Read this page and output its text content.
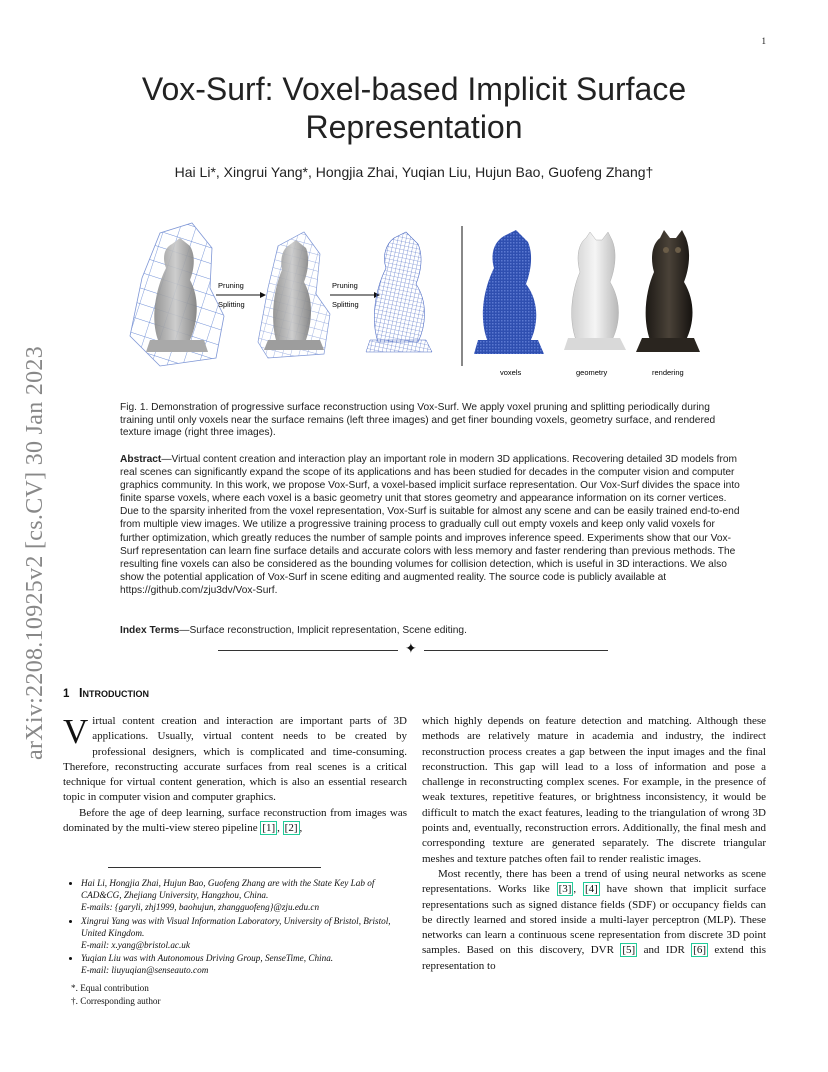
1
arXiv:2208.10925v2 [cs.CV] 30 Jan 2023
Vox-Surf: Voxel-based Implicit Surface Representation
Hai Li*, Xingrui Yang*, Hongjia Zhai, Yuqian Liu, Hujun Bao, Guofeng Zhang†
Pruning
Splitting
Pruning
Splitting
voxels	geometry	rendering
Fig. 1. Demonstration of progressive surface reconstruction using Vox-Surf. We apply voxel pruning and splitting periodically during training until only voxels near the surface remains (left three images) and get finer bounding voxels, geometry surface, and rendered texture image (right three images).
Abstract—Virtual content creation and interaction play an important role in modern 3D applications. Recovering detailed 3D models from real scenes can significantly expand the scope of its applications and has been studied for decades in the computer vision and computer graphics community. In this work, we propose Vox-Surf, a voxel-based implicit surface representation. Our Vox-Surf divides the space into finite sparse voxels, where each voxel is a basic geometry unit that stores geometry and appearance information on its corner vertices. Due to the sparsity inherited from the voxel representation, Vox-Surf is suitable for almost any scene and can be easily trained end-to-end from multiple view images. We utilize a progressive training process to gradually cull out empty voxels and keep only valid voxels for further optimization, which greatly reduces the number of sample points and improves inference speed. Experiments show that our Vox-Surf representation can learn fine surface details and accurate colors with less memory and faster rendering than previous methods. The resulting fine voxels can also be considered as the bounding volumes for collision detection, which is useful in 3D interactions. We also show the potential application of Vox-Surf in scene editing and augmented reality. The source code is publicly available at https://github.com/zju3dv/Vox-Surf.
Index Terms—Surface reconstruction, Implicit representation, Scene editing.
✦
1 Introduction

Virtual content creation and interaction are important parts of 3D applications. Usually, virtual content needs to be created by professional designers, which is complicated and time-consuming. Therefore, reconstructing accurate surfaces from real scenes is a critical technique for virtual content generation, which is also an essential research topic in computer vision and computer graphics.

Before the age of deep learning, surface reconstruction from images was dominated by the multi-view stereo pipeline [1] , [2] ,

• Hai Li, Hongjia Zhai, Hujun Bao, Guofeng Zhang are with the State Key Lab of CAD&CG, Zhejiang University, Hangzhou, China.
E-mails: {garyli, zhj1999, baohujun, zhangguofeng}@zju.edu.cn
• Xingrui Yang was with Visual Information Laboratory, University of Bristol, Bristol, United Kingdom.
E-mail: x.yang@bristol.ac.uk
• Yuqian Liu was with Autonomous Driving Group, SenseTime, China.
E-mail: liuyuqian@senseauto.com
*. Equal contribution
†. Corresponding author

which highly depends on feature detection and matching. Although these methods are relatively mature in academia and industry, the indirect reconstruction process creates a gap between the input images and the final reconstruction. This gap will lead to a loss of information and pose a challenge in reconstructing complex scenes. For example, in the presence of weak textures, repetitive features, or brightness inconsistency, it would be difficult to match the exact features, leading to the triangulation of wrong 3D points and, eventually, reconstruction errors. Additionally, the final mesh and corresponding texture are generated separately. The discrete triangular meshes and texture patches often fail to render realistic images.

Most recently, there has been a trend of using neural networks as scene representations. Works like [3] , [4] have shown that implicit surface representations such as signed distance fields (SDF) or occupancy fields can be directly learned and stored inside a multi-layer perceptron (MLP). These networks can learn a continuous scene representation from discrete 3D point samples. Based on this discovery, DVR [5] and IDR [6] extend this representation to
